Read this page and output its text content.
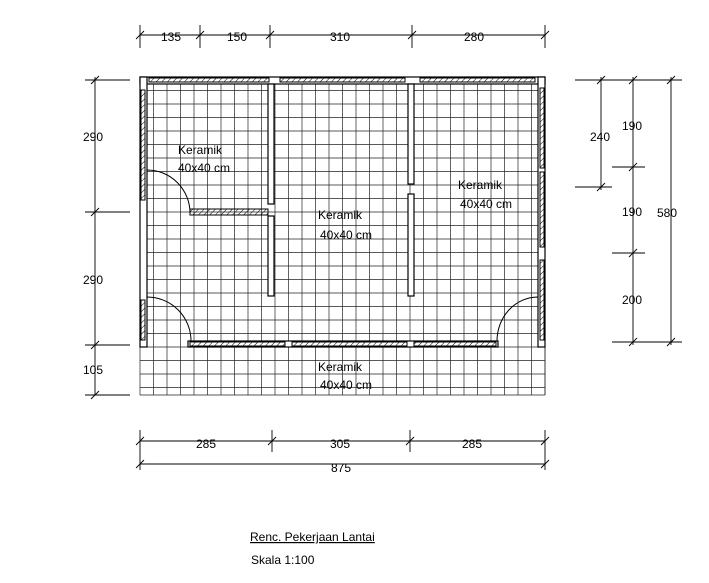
Keramik
40x40 cm
Keramik
40x40 cm
Keramik
40x40 cm
Keramik
40x40 cm
135	150	310	280
290
290
105
240
190
190
200
580
285	305	285
875
Renc. Pekerjaan Lantai
Skala 1:100
